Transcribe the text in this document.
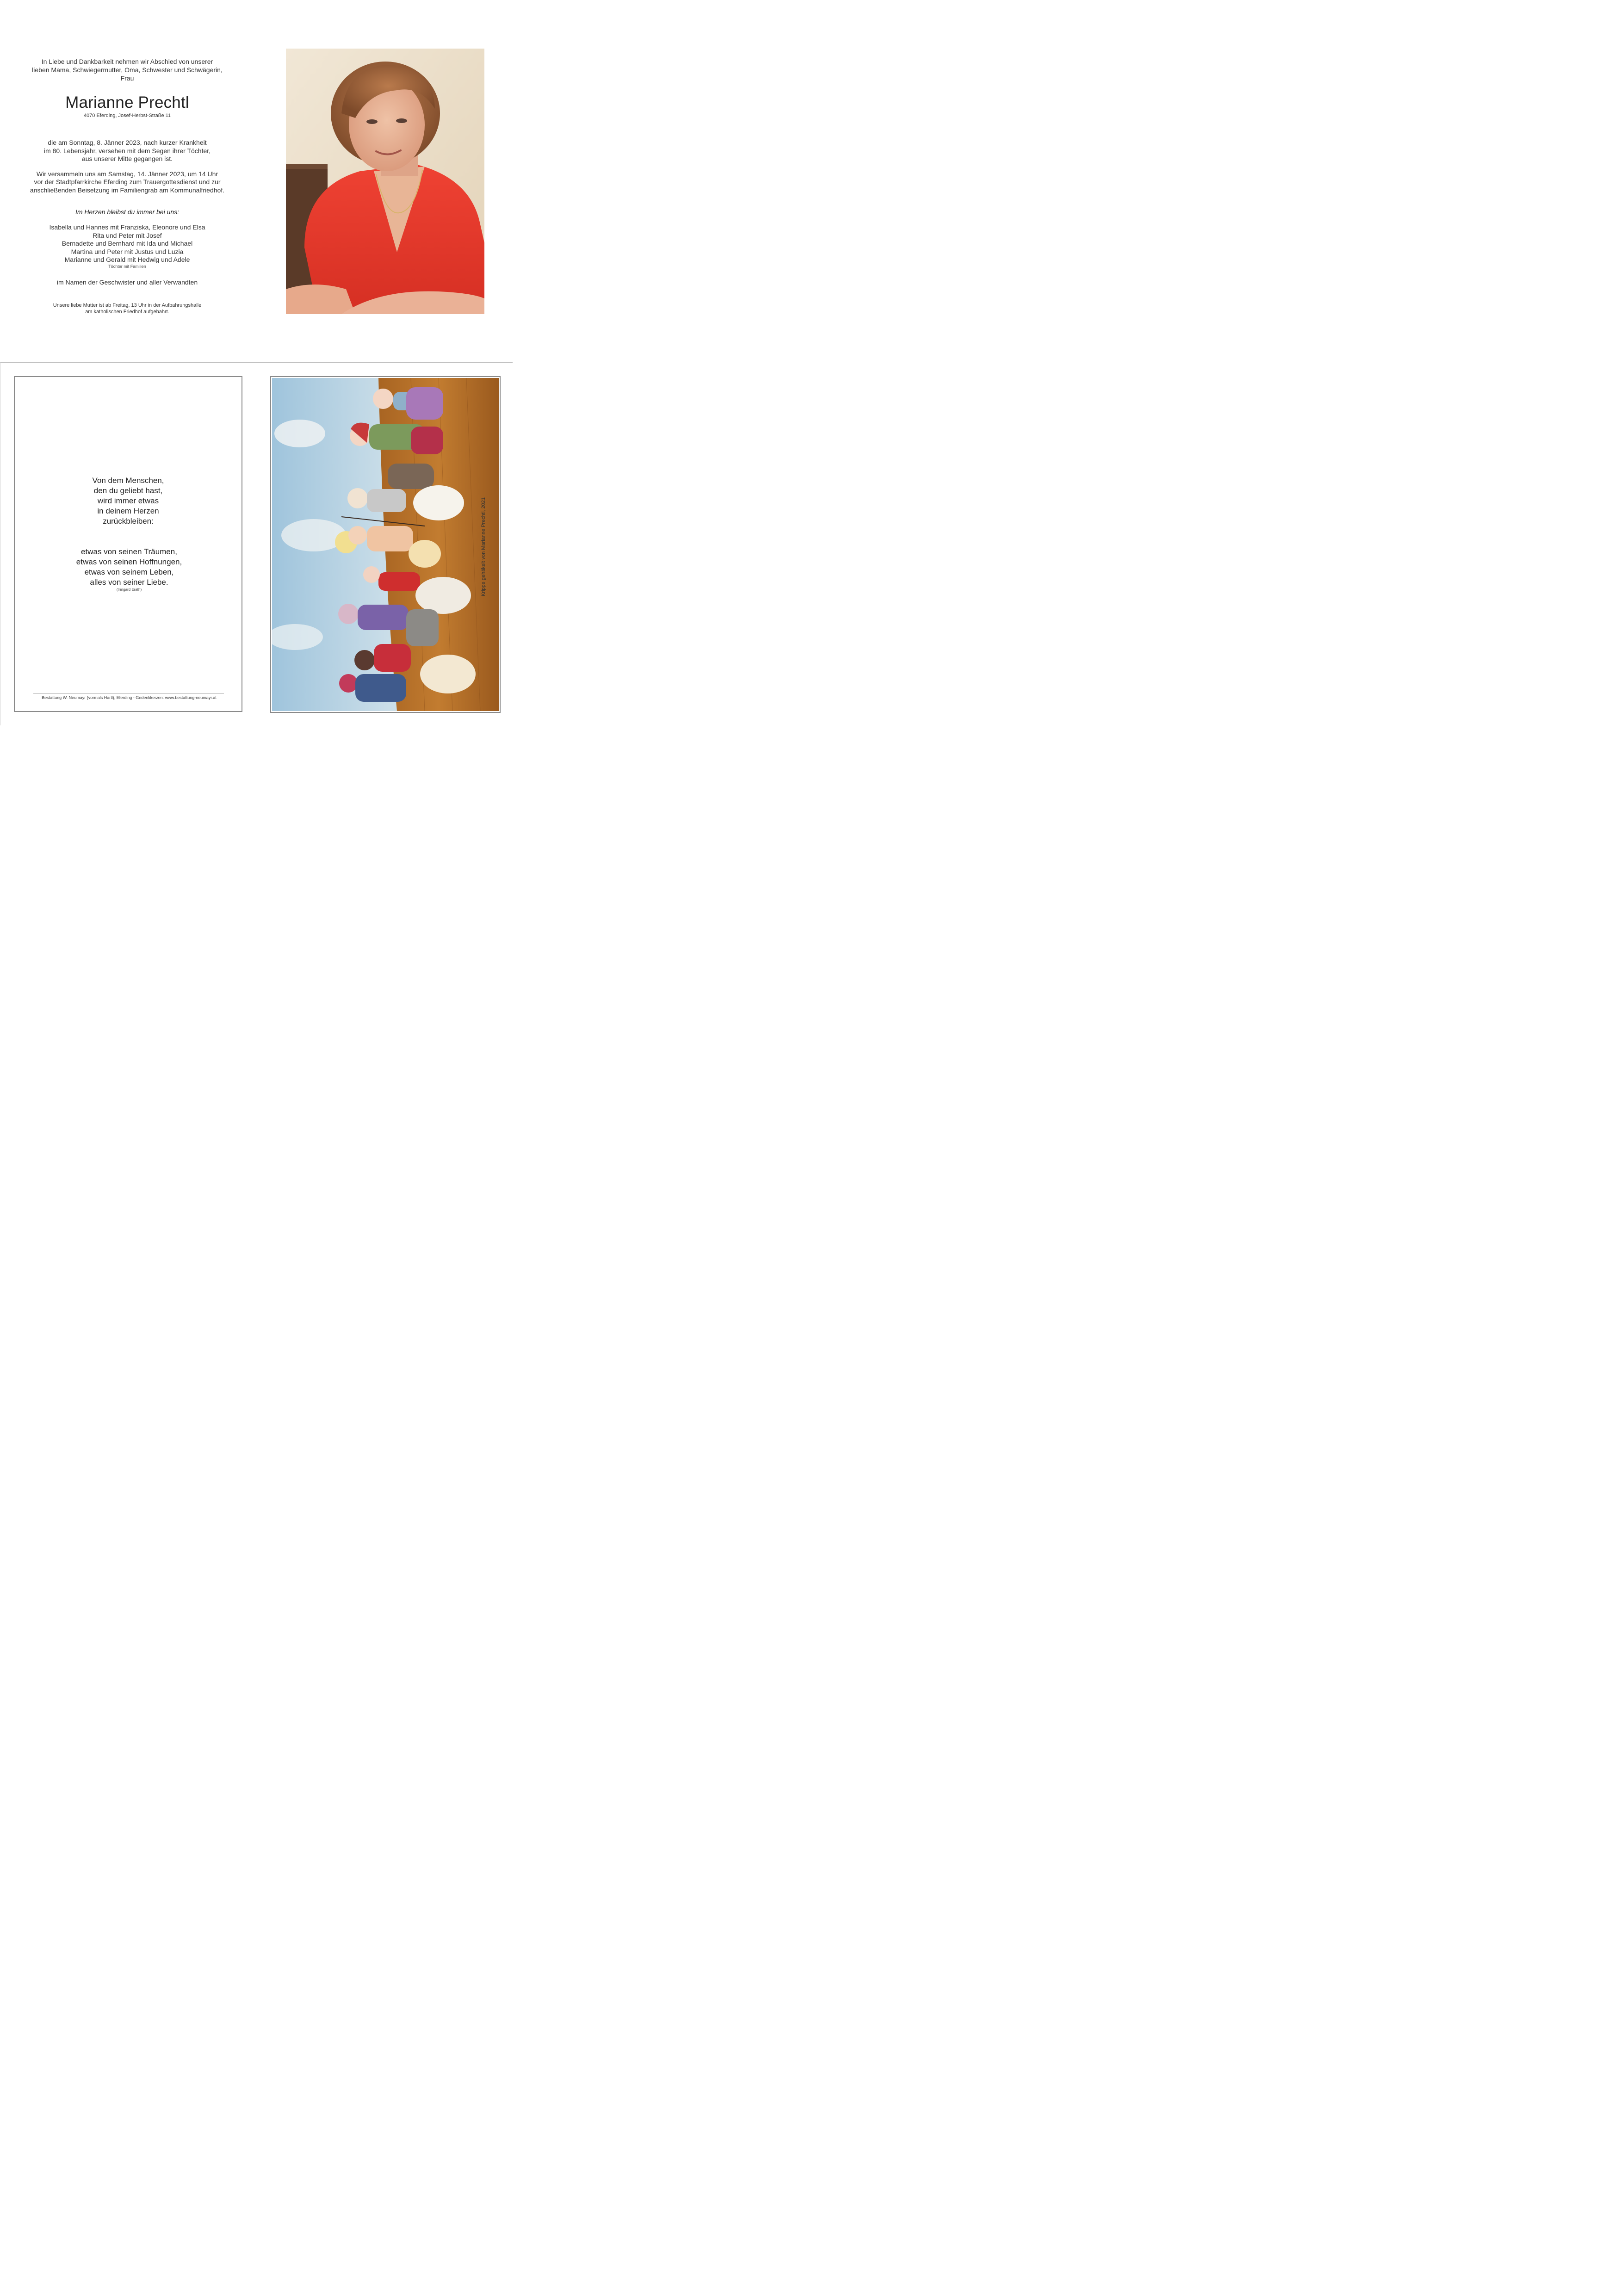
In Liebe und Dankbarkeit nehmen wir Abschied von unserer
lieben Mama, Schwiegermutter, Oma, Schwester und Schwägerin,
Frau
Marianne Prechtl
4070 Eferding, Josef-Herbst-Straße 11
die am Sonntag, 8. Jänner 2023, nach kurzer Krankheit
im 80. Lebensjahr, versehen mit dem Segen ihrer Töchter,
aus unserer Mitte gegangen ist.
Wir versammeln uns am Samstag, 14. Jänner 2023, um 14 Uhr
vor der Stadtpfarrkirche Eferding zum Trauergottesdienst und zur
anschließenden Beisetzung im Familiengrab am Kommunalfriedhof.
Im Herzen bleibst du immer bei uns:
Isabella und Hannes mit Franziska, Eleonore und Elsa
Rita und Peter mit Josef
Bernadette und Bernhard mit Ida und Michael
Martina und Peter mit Justus und Luzia
Marianne und Gerald mit Hedwig und Adele
Töchter mit Familien
im Namen der Geschwister und aller Verwandten
Unsere liebe Mutter ist ab Freitag, 13 Uhr in der Aufbahrungshalle
am katholischen Friedhof aufgebahrt.
Von dem Menschen,
den du geliebt hast,
wird immer etwas
in deinem Herzen
zurückbleiben:
etwas von seinen Träumen,
etwas von seinen Hoffnungen,
etwas von seinem Leben,
alles von seiner Liebe.
(Irmgard Erath)
Bestattung W. Neumayr (vormals Hartl), Eferding - Gedenkkerzen: www.bestattung-neumayr.at
Krippe gehäkelt von Marianne Prechtl, 2021
